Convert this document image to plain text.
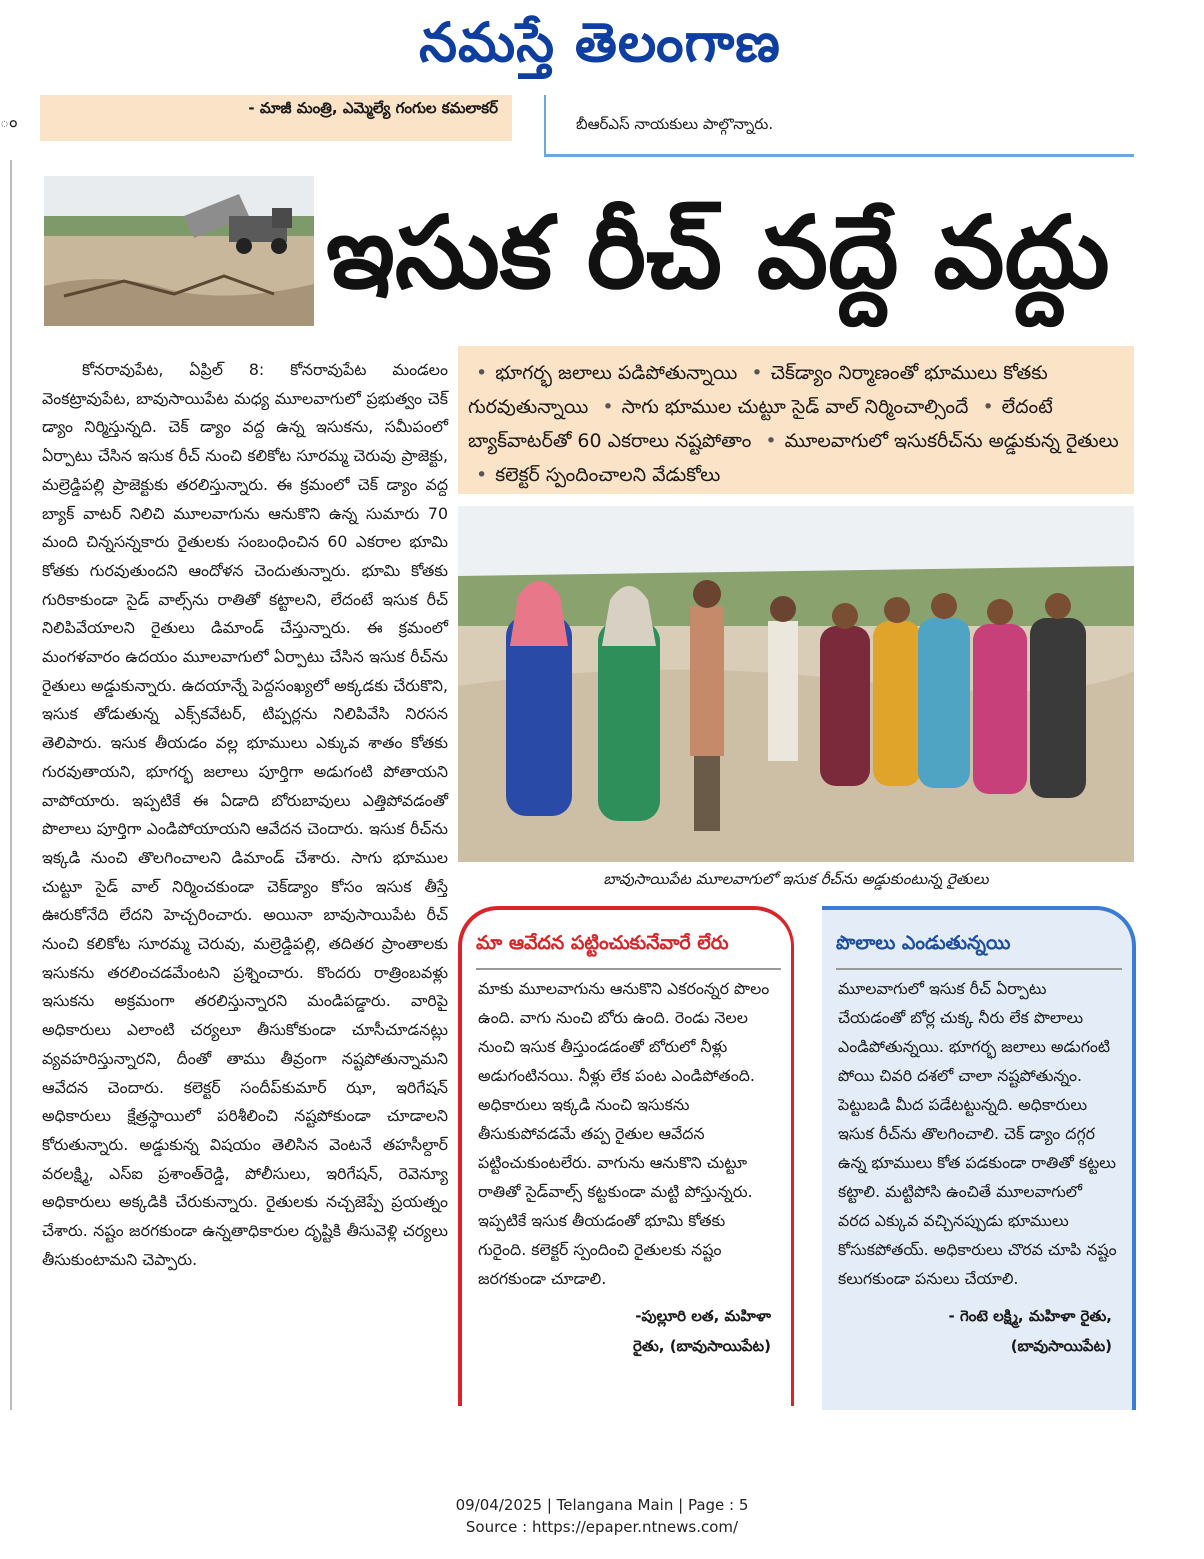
నమస్తే తెలంగాణ
ం
- మాజీ మంత్రి, ఎమ్మెల్యే గంగుల కమలాకర్
బీఆర్ఎస్ నాయకులు పాల్గొన్నారు.
ఇసుక రీచ్ వద్దే వద్దు
కోనరావుపేట, ఏప్రిల్ 8: కోనరావుపేట మండలం వెంకట్రావుపేట, బావుసాయిపేట మధ్య మూలవాగులో ప్రభుత్వం చెక్ డ్యాం నిర్మిస్తున్నది. చెక్ డ్యాం వద్ద ఉన్న ఇసుకను, సమీపంలో ఏర్పాటు చేసిన ఇసుక రీచ్ నుంచి కలికోట సూరమ్మ చెరువు ప్రాజెక్టు, మల్రెడ్డిపల్లి ప్రాజెక్టుకు తరలిస్తున్నారు. ఈ క్రమంలో చెక్ డ్యాం వద్ద బ్యాక్ వాటర్ నిలిచి మూలవాగును ఆనుకొని ఉన్న సుమారు 70 మంది చిన్నసన్నకారు రైతులకు సంబంధించిన 60 ఎకరాల భూమి కోతకు గురవుతుందని ఆందోళన చెందుతున్నారు. భూమి కోతకు గురికాకుండా సైడ్ వాల్స్‌ను రాతితో కట్టాలని, లేదంటే ఇసుక రీచ్ నిలిపివేయాలని రైతులు డిమాండ్ చేస్తున్నారు. ఈ క్రమంలో మంగళవారం ఉదయం మూలవాగులో ఏర్పాటు చేసిన ఇసుక రీచ్‌ను రైతులు అడ్డుకున్నారు. ఉదయాన్నే పెద్దసంఖ్యలో అక్కడకు చేరుకొని, ఇసుక తోడుతున్న ఎక్స్‌కవేటర్, టిప్పర్లను నిలిపివేసి నిరసన తెలిపారు. ఇసుక తీయడం వల్ల భూములు ఎక్కువ శాతం కోతకు గురవుతాయని, భూగర్భ జలాలు పూర్తిగా అడుగంటి పోతాయని వాపోయారు. ఇప్పటికే ఈ ఏడాది బోరుబావులు ఎత్తిపోవడంతో పొలాలు పూర్తిగా ఎండిపోయాయని ఆవేదన చెందారు. ఇసుక రీచ్‌ను ఇక్కడి నుంచి తొలగించాలని డిమాండ్ చేశారు. సాగు భూముల చుట్టూ సైడ్ వాల్ నిర్మించకుండా చెక్‌డ్యాం కోసం ఇసుక తీస్తే ఊరుకోనేది లేదని హెచ్చరించారు. అయినా బావుసాయిపేట రీచ్ నుంచి కలికోట సూరమ్మ చెరువు, మల్రెడ్డిపల్లి, తదితర ప్రాంతాలకు ఇసుకను తరలించడమేంటని ప్రశ్నించారు. కొందరు రాత్రింబవళ్లు ఇసుకను అక్రమంగా తరలిస్తున్నారని మండిపడ్డారు. వారిపై అధికారులు ఎలాంటి చర్యలూ తీసుకోకుండా చూసీచూడనట్లు వ్యవహరిస్తున్నారని, దీంతో తాము తీవ్రంగా నష్టపోతున్నామని ఆవేదన చెందారు. కలెక్టర్ సందీప్‌కుమార్ ఝా, ఇరిగేషన్ అధికారులు క్షేత్రస్థాయిలో పరిశీలించి నష్టపోకుండా చూడాలని కోరుతున్నారు. అడ్డుకున్న విషయం తెలిసిన వెంటనే తహసీల్దార్ వరలక్ష్మి, ఎస్ఐ ప్రశాంత్‌రెడ్డి, పోలీసులు, ఇరిగేషన్, రెవెన్యూ అధికారులు అక్కడికి చేరుకున్నారు. రైతులకు నచ్చజెప్పే ప్రయత్నం చేశారు. నష్టం జరగకుండా ఉన్నతాధికారుల దృష్టికి తీసువెళ్లి చర్యలు తీసుకుంటామని చెప్పారు.
• భూగర్భ జలాలు పడిపోతున్నాయి • చెక్‌డ్యాం నిర్మాణంతో భూములు కోతకు గురవుతున్నాయి • సాగు భూముల చుట్టూ సైడ్ వాల్ నిర్మించాల్సిందే • లేదంటే బ్యాక్‌వాటర్‌తో 60 ఎకరాలు నష్టపోతాం • మూలవాగులో ఇసుకరీచ్‌ను అడ్డుకున్న రైతులు • కలెక్టర్ స్పందించాలని వేడుకోలు
బావుసాయిపేట మూలవాగులో ఇసుక రీచ్‌ను అడ్డుకుంటున్న రైతులు
మా ఆవేదన పట్టించుకునేవారే లేరు
మాకు మూలవాగును ఆనుకొని ఎకరంన్నర పొలం ఉంది. వాగు నుంచి బోరు ఉంది. రెండు నెలల నుంచి ఇసుక తీస్తుండడంతో బోరులో నీళ్లు అడుగంటినయి. నీళ్లు లేక పంట ఎండిపోతంది. అధికారులు ఇక్కడి నుంచి ఇసుకను తీసుకుపోవడమే తప్ప రైతుల ఆవేదన పట్టించుకుంటలేరు. వాగును ఆనుకొని చుట్టూ రాతితో సైడ్‌వాల్స్ కట్టకుండా మట్టి పోస్తున్నరు. ఇప్పటికే ఇసుక తీయడంతో భూమి కోతకు గురైంది. కలెక్టర్ స్పందించి రైతులకు నష్టం జరగకుండా చూడాలి.
-పుల్లూరి లత, మహిళా
రైతు, (బావుసాయిపేట)
పొలాలు ఎండుతున్నయి
మూలవాగులో ఇసుక రీచ్ ఏర్పాటు చేయడంతో బోర్ల చుక్క నీరు లేక పొలాలు ఎండిపోతున్నయి. భూగర్భ జలాలు అడుగంటి పోయి చివరి దశలో చాలా నష్టపోతున్నం. పెట్టుబడి మీద పడేటట్టున్నది. అధికారులు ఇసుక రీచ్‌ను తొలగించాలి. చెక్ డ్యాం దగ్గర ఉన్న భూములు కోత పడకుండా రాతితో కట్టలు కట్టాలి. మట్టిపోసి ఉంచితే మూలవాగులో వరద ఎక్కువ వచ్చినప్పుడు భూములు కోసుకపోతయ్. అధికారులు చొరవ చూపి నష్టం కలుగకుండా పనులు చేయాలి.
- గెంటె లక్ష్మి, మహిళా రైతు,
(బావుసాయిపేట)
09/04/2025 | Telangana Main | Page : 5
Source : https://epaper.ntnews.com/
